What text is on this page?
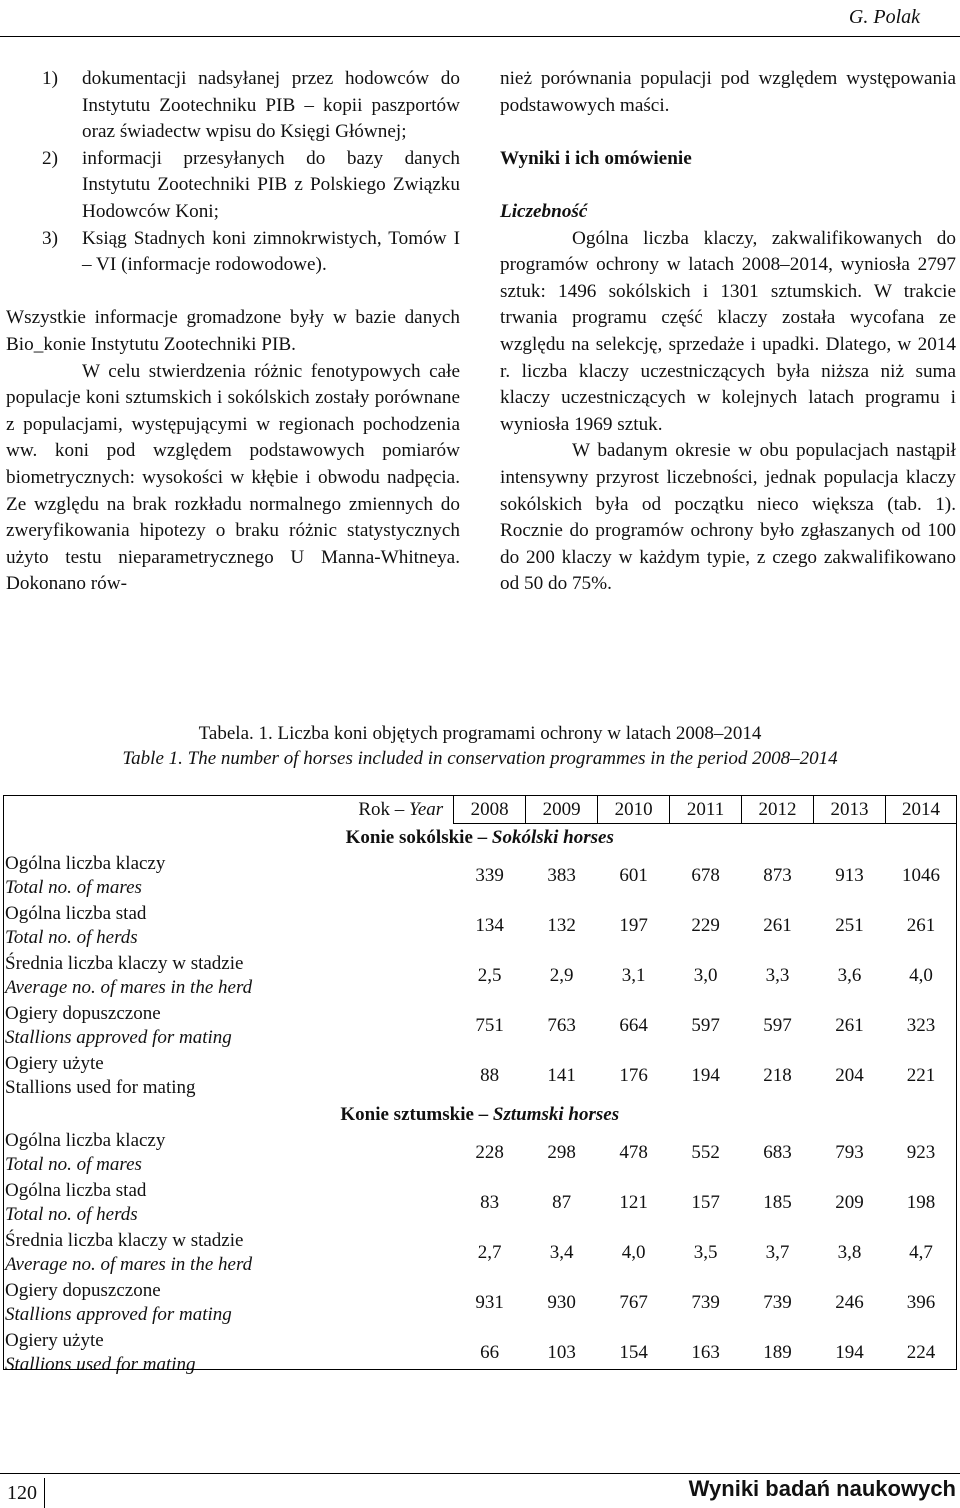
G. Polak
1)	dokumentacji nadsyłanej przez hodowców do Instytutu Zootechniku PIB – kopii paszportów oraz świadectw wpisu do Księgi Głównej;
2)	informacji przesyłanych do bazy danych Instytutu Zootechniki PIB z Polskiego Związku Hodowców Koni;
3)	Ksiąg Stadnych koni zimnokrwistych, Tomów I – VI (informacje rodowodowe).

Wszystkie informacje gromadzone były w bazie danych Bio_konie Instytutu Zootechniki PIB.

W celu stwierdzenia różnic fenotypowych całe populacje koni sztumskich i sokólskich zostały porównane z populacjami, występującymi w regionach pochodzenia ww. koni pod względem podstawowych pomiarów biometrycznych: wysokości w kłębie i obwodu nadpęcia. Ze względu na brak rozkładu normalnego zmiennych do zweryfikowania hipotezy o braku różnic statystycznych użyto testu nieparametrycznego U Manna-Whitneya. Dokonano rów-

nież porównania populacji pod względem występowania podstawowych maści.

Wyniki i ich omówienie

Liczebność

Ogólna liczba klaczy, zakwalifikowanych do programów ochrony w latach 2008–2014, wyniosła 2797 sztuk: 1496 sokólskich i 1301 sztumskich. W trakcie trwania programu część klaczy została wycofana ze względu na selekcję, sprzedaże i upadki. Dlatego, w 2014 r. liczba klaczy uczestniczących była niższa niż suma klaczy uczestniczących w kolejnych latach programu i wyniosła 1969 sztuk.

W badanym okresie w obu populacjach nastąpił intensywny przyrost liczebności, jednak populacja klaczy sokólskich była od początku nieco większa (tab. 1). Rocznie do programów ochrony było zgłaszanych od 100 do 200 klaczy w każdym typie, z czego zakwalifikowano od 50 do 75%.

Tabela. 1. Liczba koni objętych programami ochrony w latach 2008–2014
Table 1. The number of horses included in conservation programmes in the period 2008–2014
Rok – Year	2008	2009	2010	2011	2012	2013	2014
Konie sokólskie – Sokólski horses							

Ogólna liczba klaczy
Total no. of mares	339	383	601	678	873	913	1046

Ogólna liczba stad
Total no. of herds	134	132	197	229	261	251	261

Średnia liczba klaczy w stadzie
Average no. of mares in the herd	2,5	2,9	3,1	3,0	3,3	3,6	4,0

Ogiery dopuszczone
Stallions approved for mating	751	763	664	597	597	261	323

Ogiery użyte
Stallions used for mating	88	141	176	194	218	204	221
Konie sztumskie – Sztumski horses							

Ogólna liczba klaczy
Total no. of mares	228	298	478	552	683	793	923

Ogólna liczba stad
Total no. of herds	83	87	121	157	185	209	198

Średnia liczba klaczy w stadzie
Average no. of mares in the herd	2,7	3,4	4,0	3,5	3,7	3,8	4,7

Ogiery dopuszczone
Stallions approved for mating	931	930	767	739	739	246	396

Ogiery użyte
Stallions used for mating	66	103	154	163	189	194	224
120	Wyniki badań naukowych
